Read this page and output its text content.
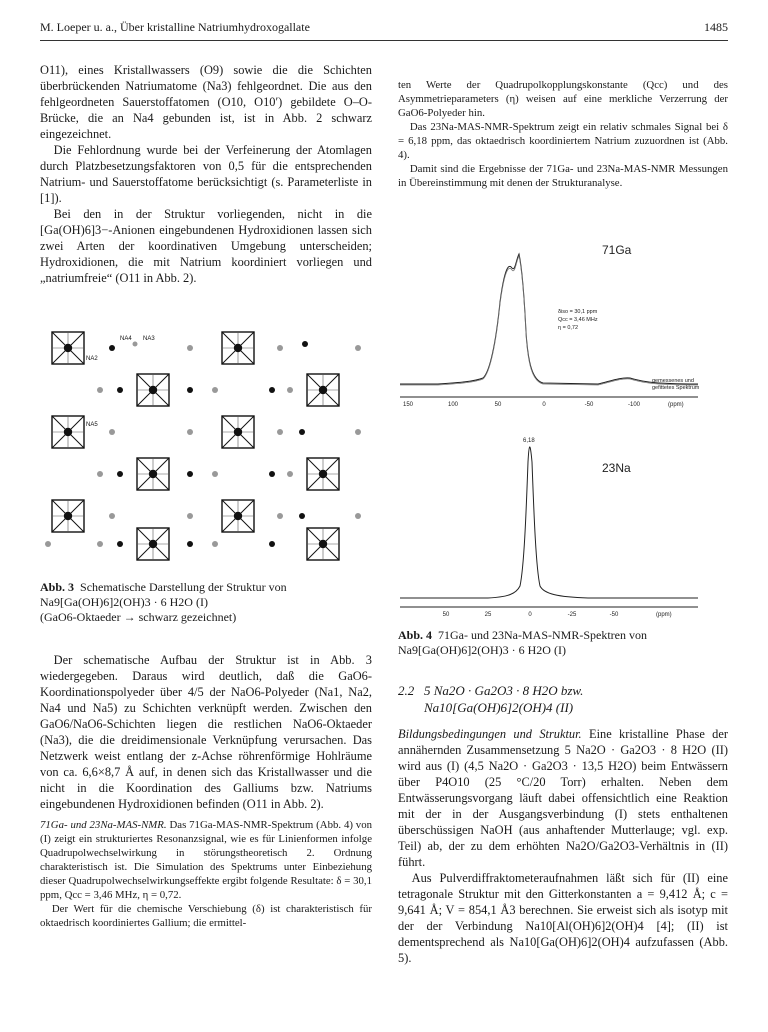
M. Loeper u. a., Über kristalline Natriumhydroxogallate	1485

O11), eines Kristallwassers (O9) sowie die die Schichten überbrückenden Natriumatome (Na3) fehlgeordnet. Die aus den fehlgeordneten Sauerstoffatomen (O10, O10′) gebildete O–O-Brücke, die an Na4 gebunden ist, ist in Abb. 2 schwarz eingezeichnet.

Die Fehlordnung wurde bei der Verfeinerung der Atomlagen durch Platzbesetzungsfaktoren von 0,5 für die entsprechenden Natrium- und Sauerstoffatome berücksichtigt (s. Parameterliste in [1]).

Bei den in der Struktur vorliegenden, nicht in die [Ga(OH)6]3−-Anionen eingebundenen Hydroxidionen lassen sich zwei Arten der koordinativen Umgebung unterscheiden; Hydroxidionen, die mit Natrium koordiniert vorliegen und „natriumfreie“ (O11 in Abb. 2).

NA4 NA3
NA2
NA5
Abb. 3 Schematische Darstellung der Struktur von
Na9[Ga(OH)6]2(OH)3 · 6 H2O (I)
(GaO6-Oktaeder → schwarz gezeichnet)

Der schematische Aufbau der Struktur ist in Abb. 3 wiedergegeben. Daraus wird deutlich, daß die GaO6-Koordinationspolyeder über 4/5 der NaO6-Polyeder (Na1, Na2, Na4 und Na5) zu Schichten verknüpft werden. Zwischen den GaO6/NaO6-Schichten liegen die restlichen NaO6-Oktaeder (Na3), die die dreidimensionale Verknüpfung verursachen. Das Netzwerk weist entlang der z-Achse röhrenförmige Hohlräume von ca. 6,6×8,7 Å auf, in denen sich das Kristallwasser und die nicht in die Koordination des Galliums bzw. Natriums eingebundenen Hydroxidionen befinden (O11 in Abb. 2).

71Ga- und 23Na-MAS-NMR. Das 71Ga-MAS-NMR-Spektrum (Abb. 4) von (I) zeigt ein strukturiertes Resonanzsignal, wie es für Linienformen infolge Quadrupolwechselwirkung in störungstheoretisch 2. Ordnung charakteristisch ist. Die Simulation des Spektrums unter Einbeziehung dieser Quadrupolwechselwirkungseffekte ergibt folgende Resultate: δ = 30,1 ppm, Qcc = 3,46 MHz, η = 0,72.

Der Wert für die chemische Verschiebung (δ) ist charakteristisch für oktaedrisch koordiniertes Gallium; die ermittel-

ten Werte der Quadrupolkopplungskonstante (Qcc) und des Asymmetrieparameters (η) weisen auf eine merkliche Verzerrung der GaO6-Polyeder hin.

Das 23Na-MAS-NMR-Spektrum zeigt ein relativ schmales Signal bei δ = 6,18 ppm, das oktaedrisch koordiniertem Natrium zuzuordnen ist (Abb. 4).

Damit sind die Ergebnisse der 71Ga- und 23Na-MAS-NMR Messungen in Übereinstimmung mit denen der Strukturanalyse.

150	100	50	0	-50	-100	(ppm)
71Ga
δiso = 30,1 ppm
Qcc = 3,46 MHz
η = 0,72
gemessenes und
gefittetes Spektrum
6,18
50	25	0	-25	-50	(ppm)
23Na
Abb. 4 71Ga- und 23Na-MAS-NMR-Spektren von
Na9[Ga(OH)6]2(OH)3 · 6 H2O (I)
2.2 5 Na2O · Ga2O3 · 8 H2O bzw.
Na10[Ga(OH)6]2(OH)4 (II)

Bildungsbedingungen und Struktur. Eine kristalline Phase der annähernden Zusammensetzung 5 Na2O · Ga2O3 · 8 H2O (II) wird aus (I) (4,5 Na2O · Ga2O3 · 13,5 H2O) beim Entwässern über P4O10 (25 °C/20 Torr) erhalten. Neben dem Entwässerungsvorgang läuft dabei offensichtlich eine Reaktion mit der in der Ausgangsverbindung (I) stets enthaltenen überschüssigen NaOH (aus anhaftender Mutterlauge; vgl. exp. Teil) ab, der zu dem erhöhten Na2O/Ga2O3-Verhältnis in (II) führt.

Aus Pulverdiffraktometeraufnahmen läßt sich für (II) eine tetragonale Struktur mit den Gitterkonstanten a = 9,412 Å; c = 9,641 Å; V = 854,1 Å3 berechnen. Sie erweist sich als isotyp mit der der Verbindung Na10[Al(OH)6]2(OH)4 [4]; (II) ist dementsprechend als Na10[Ga(OH)6]2(OH)4 aufzufassen (Abb. 5).
